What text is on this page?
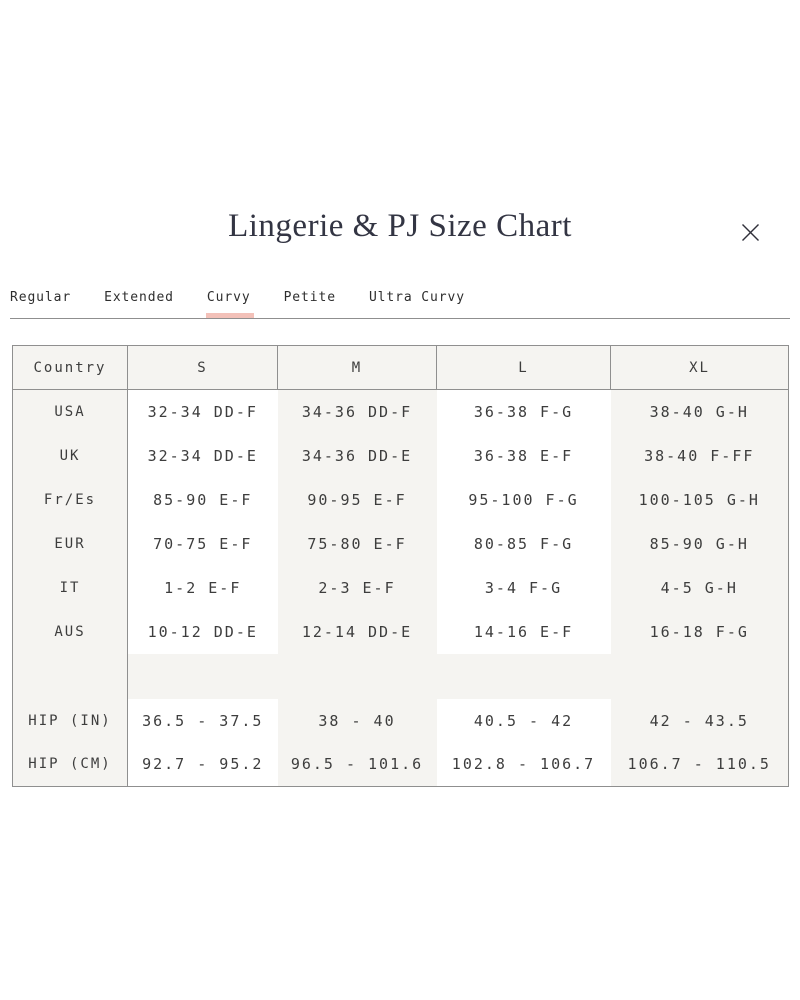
Lingerie & PJ Size Chart
Regular	Extended	Curvy	Petite	Ultra Curvy
Country	S	M	L	XL
USA	32-34 DD-F	34-36 DD-F	36-38 F-G	38-40 G-H
UK	32-34 DD-E	34-36 DD-E	36-38 E-F	38-40 F-FF
Fr/Es	85-90 E-F	90-95 E-F	95-100 F-G	100-105 G-H
EUR	70-75 E-F	75-80 E-F	80-85 F-G	85-90 G-H
IT	1-2 E-F	2-3 E-F	3-4 F-G	4-5 G-H
AUS	10-12 DD-E	12-14 DD-E	14-16 E-F	16-18 F-G

HIP (IN)	36.5 - 37.5	38 - 40	40.5 - 42	42 - 43.5
HIP (CM)	92.7 - 95.2	96.5 - 101.6	102.8 - 106.7	106.7 - 110.5
